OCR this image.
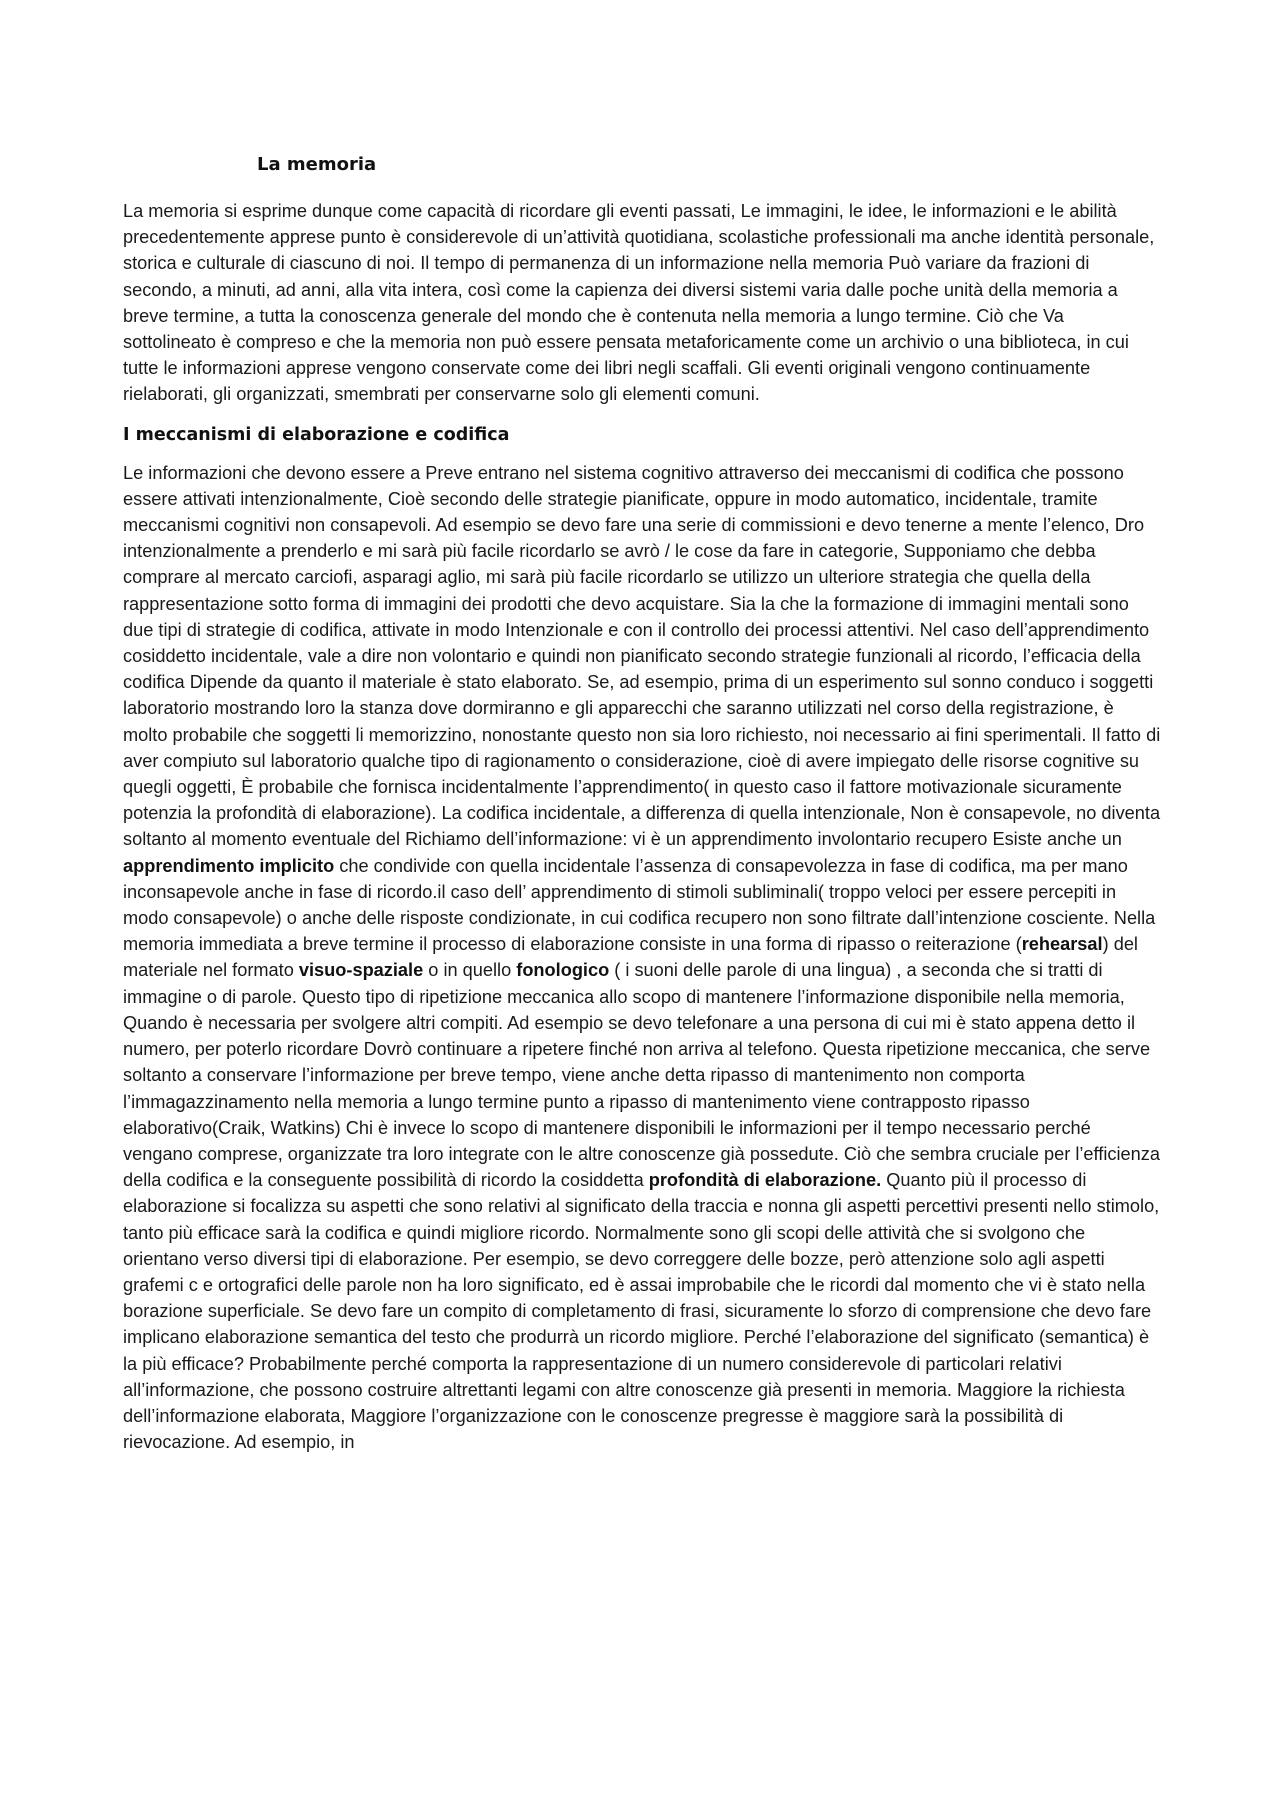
La memoria

La memoria si esprime dunque come capacità di ricordare gli eventi passati, Le immagini, le idee, le informazioni e le abilità precedentemente apprese punto è considerevole di un’attività quotidiana, scolastiche professionali ma anche identità personale, storica e culturale di ciascuno di noi. Il tempo di permanenza di un informazione nella memoria Può variare da frazioni di secondo, a minuti, ad anni, alla vita intera, così come la capienza dei diversi sistemi varia dalle poche unità della memoria a breve termine, a tutta la conoscenza generale del mondo che è contenuta nella memoria a lungo termine. Ciò che Va sottolineato è compreso e che la memoria non può essere pensata metaforicamente come un archivio o una biblioteca, in cui tutte le informazioni apprese vengono conservate come dei libri negli scaffali. Gli eventi originali vengono continuamente rielaborati, gli organizzati, smembrati per conservarne solo gli elementi comuni.

I meccanismi di elaborazione e codifica

Le informazioni che devono essere a Preve entrano nel sistema cognitivo attraverso dei meccanismi di codifica che possono essere attivati intenzionalmente, Cioè secondo delle strategie pianificate, oppure in modo automatico, incidentale, tramite meccanismi cognitivi non consapevoli. Ad esempio se devo fare una serie di commissioni e devo tenerne a mente l’elenco, Dro intenzionalmente a prenderlo e mi sarà più facile ricordarlo se avrò / le cose da fare in categorie, Supponiamo che debba comprare al mercato carciofi, asparagi aglio, mi sarà più facile ricordarlo se utilizzo un ulteriore strategia che quella della rappresentazione sotto forma di immagini dei prodotti che devo acquistare. Sia la che la formazione di immagini mentali sono due tipi di strategie di codifica, attivate in modo Intenzionale e con il controllo dei processi attentivi. Nel caso dell’apprendimento cosiddetto incidentale, vale a dire non volontario e quindi non pianificato secondo strategie funzionali al ricordo, l’efficacia della codifica Dipende da quanto il materiale è stato elaborato. Se, ad esempio, prima di un esperimento sul sonno conduco i soggetti laboratorio mostrando loro la stanza dove dormiranno e gli apparecchi che saranno utilizzati nel corso della registrazione, è molto probabile che soggetti li memorizzino, nonostante questo non sia loro richiesto, noi necessario ai fini sperimentali. Il fatto di aver compiuto sul laboratorio qualche tipo di ragionamento o considerazione, cioè di avere impiegato delle risorse cognitive su quegli oggetti, È probabile che fornisca incidentalmente l’apprendimento( in questo caso il fattore motivazionale sicuramente potenzia la profondità di elaborazione). La codifica incidentale, a differenza di quella intenzionale, Non è consapevole, no diventa soltanto al momento eventuale del Richiamo dell’informazione: vi è un apprendimento involontario recupero Esiste anche un apprendimento implicito che condivide con quella incidentale l’assenza di consapevolezza in fase di codifica, ma per mano inconsapevole anche in fase di ricordo.il caso dell’ apprendimento di stimoli subliminali( troppo veloci per essere percepiti in modo consapevole) o anche delle risposte condizionate, in cui codifica recupero non sono filtrate dall’intenzione cosciente. Nella memoria immediata a breve termine il processo di elaborazione consiste in una forma di ripasso o reiterazione (rehearsal) del materiale nel formato visuo-spaziale o in quello fonologico ( i suoni delle parole di una lingua) , a seconda che si tratti di immagine o di parole. Questo tipo di ripetizione meccanica allo scopo di mantenere l’informazione disponibile nella memoria, Quando è necessaria per svolgere altri compiti. Ad esempio se devo telefonare a una persona di cui mi è stato appena detto il numero, per poterlo ricordare Dovrò continuare a ripetere finché non arriva al telefono. Questa ripetizione meccanica, che serve soltanto a conservare l’informazione per breve tempo, viene anche detta ripasso di mantenimento non comporta l’immagazzinamento nella memoria a lungo termine punto a ripasso di mantenimento viene contrapposto ripasso elaborativo(Craik, Watkins) Chi è invece lo scopo di mantenere disponibili le informazioni per il tempo necessario perché vengano comprese, organizzate tra loro integrate con le altre conoscenze già possedute. Ciò che sembra cruciale per l’efficienza della codifica e la conseguente possibilità di ricordo la cosiddetta profondità di elaborazione. Quanto più il processo di elaborazione si focalizza su aspetti che sono relativi al significato della traccia e nonna gli aspetti percettivi presenti nello stimolo, tanto più efficace sarà la codifica e quindi migliore ricordo. Normalmente sono gli scopi delle attività che si svolgono che orientano verso diversi tipi di elaborazione. Per esempio, se devo correggere delle bozze, però attenzione solo agli aspetti grafemi c e ortografici delle parole non ha loro significato, ed è assai improbabile che le ricordi dal momento che vi è stato nella borazione superficiale. Se devo fare un compito di completamento di frasi, sicuramente lo sforzo di comprensione che devo fare implicano elaborazione semantica del testo che produrrà un ricordo migliore. Perché l’elaborazione del significato (semantica) è la più efficace? Probabilmente perché comporta la rappresentazione di un numero considerevole di particolari relativi all’informazione, che possono costruire altrettanti legami con altre conoscenze già presenti in memoria. Maggiore la richiesta dell’informazione elaborata, Maggiore l’organizzazione con le conoscenze pregresse è maggiore sarà la possibilità di rievocazione. Ad esempio, in
